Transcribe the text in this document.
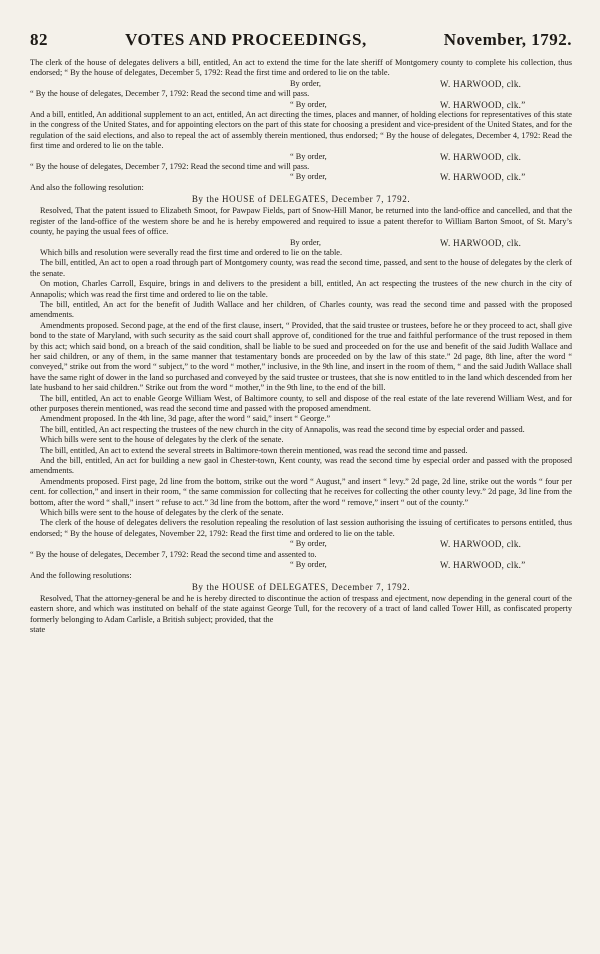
82	VOTES AND PROCEEDINGS,	November, 1792.

The clerk of the house of delegates delivers a bill, entitled, An act to extend the time for the late sheriff of Montgomery county to complete his collection, thus endorsed; “ By the house of delegates, December 5, 1792: Read the first time and ordered to lie on the table.

By order,	W. HARWOOD, clk.

“ By the house of delegates, December 7, 1792: Read the second time and will pass.

“ By order,	W. HARWOOD, clk.”

And a bill, entitled, An additional supplement to an act, entitled, An act directing the times, places and manner, of holding elections for representatives of this state in the congress of the United States, and for appointing electors on the part of this state for choosing a president and vice-president of the United States, and for the regulation of the said elections, and also to repeal the act of assembly therein mentioned, thus endorsed; “ By the house of delegates, December 4, 1792: Read the first time and ordered to lie on the table.

“ By order,	W. HARWOOD, clk.

“ By the house of delegates, December 7, 1792: Read the second time and will pass.

“ By order,	W. HARWOOD, clk.”

And also the following resolution:

By the HOUSE of DELEGATES, December 7, 1792.

Resolved, That the patent issued to Elizabeth Smoot, for Pawpaw Fields, part of Snow-Hill Manor, be returned into the land-office and cancelled, and that the register of the land-office of the western shore be and he is hereby empowered and required to issue a patent therefor to William Barton Smoot, of St. Mary’s county, he paying the usual fees of office.

By order,	W. HARWOOD, clk.

Which bills and resolution were severally read the first time and ordered to lie on the table.

The bill, entitled, An act to open a road through part of Montgomery county, was read the second time, passed, and sent to the house of delegates by the clerk of the senate.

On motion, Charles Carroll, Esquire, brings in and delivers to the president a bill, entitled, An act respecting the trustees of the new church in the city of Annapolis; which was read the first time and ordered to lie on the table.

The bill, entitled, An act for the benefit of Judith Wallace and her children, of Charles county, was read the second time and passed with the proposed amendments.

Amendments proposed. Second page, at the end of the first clause, insert, “ Provided, that the said trustee or trustees, before he or they proceed to act, shall give bond to the state of Maryland, with such security as the said court shall approve of, conditioned for the true and faithful performance of the trust reposed in them by this act; which said bond, on a breach of the said condition, shall be liable to be sued and proceeded on for the use and benefit of the said Judith Wallace and her said children, or any of them, in the same manner that testamentary bonds are proceeded on by the law of this state.” 2d page, 8th line, after the word “ conveyed,” strike out from the word “ subject,” to the word “ mother,” inclusive, in the 9th line, and insert in the room of them, “ and the said Judith Wallace shall have the same right of dower in the land so purchased and conveyed by the said trustee or trustees, that she is now entitled to in the land which descended from her late husband to her said children.” Strike out from the word “ mother,” in the 9th line, to the end of the bill.

The bill, entitled, An act to enable George William West, of Baltimore county, to sell and dispose of the real estate of the late reverend William West, and for other purposes therein mentioned, was read the second time and passed with the proposed amendment.

Amendment proposed. In the 4th line, 3d page, after the word “ said,” insert “ George.”

The bill, entitled, An act respecting the trustees of the new church in the city of Annapolis, was read the second time by especial order and passed.

Which bills were sent to the house of delegates by the clerk of the senate.

The bill, entitled, An act to extend the several streets in Baltimore-town therein mentioned, was read the second time and passed.

And the bill, entitled, An act for building a new gaol in Chester-town, Kent county, was read the second time by especial order and passed with the proposed amendments.

Amendments proposed. First page, 2d line from the bottom, strike out the word “ August,” and insert “ levy.” 2d page, 2d line, strike out the words “ four per cent. for collection,” and insert in their room, “ the same commission for collecting that he receives for collecting the other county levy.” 2d page, 3d line from the bottom, after the word “ shall,” insert “ refuse to act.” 3d line from the bottom, after the word “ remove,” insert “ out of the county.”

Which bills were sent to the house of delegates by the clerk of the senate.

The clerk of the house of delegates delivers the resolution repealing the resolution of last session authorising the issuing of certificates to persons entitled, thus endorsed; “ By the house of delegates, November 22, 1792: Read the first time and ordered to lie on the table.

“ By order,	W. HARWOOD, clk.

“ By the house of delegates, December 7, 1792: Read the second time and assented to.

“ By order,	W. HARWOOD, clk.”

And the following resolutions:

By the HOUSE of DELEGATES, December 7, 1792.

Resolved, That the attorney-general be and he is hereby directed to discontinue the action of trespass and ejectment, now depending in the general court of the eastern shore, and which was instituted on behalf of the state against George Tull, for the recovery of a tract of land called Tower Hill, as confiscated property formerly belonging to Adam Carlisle, a British subject; provided, that the

state
